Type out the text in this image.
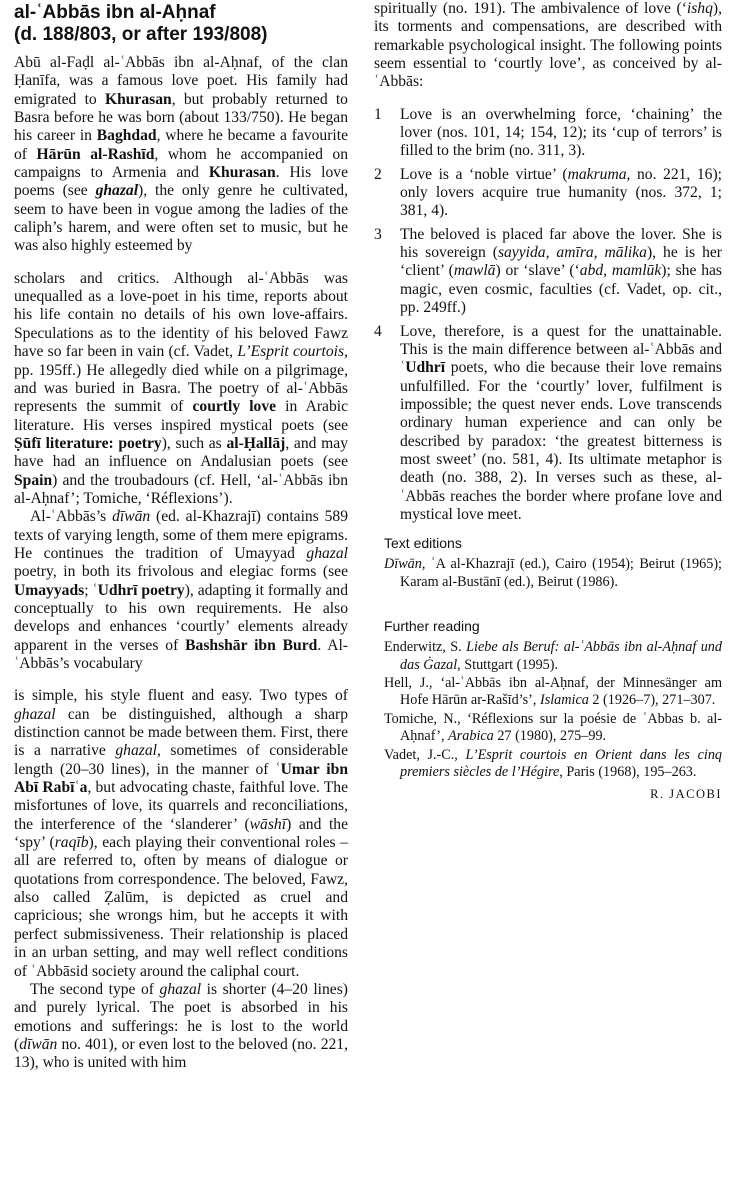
al-ʿAbbās ibn al-Aḥnaf
(d. 188/803, or after 193/808)

Abū al-Faḍl al-ʿAbbās ibn al-Aḥnaf, of the clan Ḥanīfa, was a famous love poet. His family had emigrated to Khurasan, but probably returned to Basra before he was born (about 133/750). He began his career in Baghdad, where he became a favourite of Hārūn al-Rashīd, whom he accompanied on campaigns to Armenia and Khurasan. His love poems (see ghazal), the only genre he cultivated, seem to have been in vogue among the ladies of the caliph’s harem, and were often set to music, but he was also highly esteemed by

scholars and critics. Although al-ʿAbbās was unequalled as a love-poet in his time, reports about his life contain no details of his own love-affairs. Speculations as to the identity of his beloved Fawz have so far been in vain (cf. Vadet, L’Esprit courtois, pp. 195ff.) He allegedly died while on a pilgrimage, and was buried in Basra. The poetry of al-ʿAbbās represents the summit of courtly love in Arabic literature. His verses inspired mystical poets (see Ṣūfī literature: poetry), such as al-Ḥallāj, and may have had an influence on Andalusian poets (see Spain) and the troubadours (cf. Hell, ‘al-ʿAbbās ibn al-Aḥnaf’; Tomiche, ‘Réflexions’).

Al-ʿAbbās’s dīwān (ed. al-Khazrajī) contains 589 texts of varying length, some of them mere epigrams. He continues the tradition of Umayyad ghazal poetry, in both its frivolous and elegiac forms (see Umayyads; ʿUdhrī poetry), adapting it formally and conceptually to his own requirements. He also develops and enhances ‘courtly’ elements already apparent in the verses of Bashshār ibn Burd. Al-ʿAbbās’s vocabulary

is simple, his style fluent and easy. Two types of ghazal can be distinguished, although a sharp distinction cannot be made between them. First, there is a narrative ghazal, sometimes of considerable length (20–30 lines), in the manner of ʿUmar ibn Abī Rabīʿa, but advocating chaste, faithful love. The misfortunes of love, its quarrels and reconciliations, the interference of the ‘slanderer’ (wāshī) and the ‘spy’ (raqīb), each playing their conventional roles – all are referred to, often by means of dialogue or quotations from correspondence. The beloved, Fawz, also called Ẓalūm, is depicted as cruel and capricious; she wrongs him, but he accepts it with perfect submissiveness. Their relationship is placed in an urban setting, and may well reflect conditions of ʿAbbāsid society around the caliphal court.

The second type of ghazal is shorter (4–20 lines) and purely lyrical. The poet is absorbed in his emotions and sufferings: he is lost to the world (dīwān no. 401), or even lost to the beloved (no. 221, 13), who is united with him

spiritually (no. 191). The ambivalence of love (‘ishq), its torments and compensations, are described with remarkable psychological insight. The following points seem essential to ‘courtly love’, as conceived by al-ʿAbbās:

1	Love is an overwhelming force, ‘chaining’ the lover (nos. 101, 14; 154, 12); its ‘cup of terrors’ is filled to the brim (no. 311, 3).
2	Love is a ‘noble virtue’ (makruma, no. 221, 16); only lovers acquire true humanity (nos. 372, 1; 381, 4).
3	The beloved is placed far above the lover. She is his sovereign (sayyida, amīra, mālika), he is her ‘client’ (mawlā) or ‘slave’ (‘abd, mamlūk); she has magic, even cosmic, faculties (cf. Vadet, op. cit., pp. 249ff.)
4	Love, therefore, is a quest for the unattainable. This is the main difference between al-ʿAbbās and ʿUdhrī poets, who die because their love remains unfulfilled. For the ‘courtly’ lover, fulfilment is impossible; the quest never ends. Love transcends ordinary human experience and can only be described by paradox: ‘the greatest bitterness is most sweet’ (no. 581, 4). Its ultimate metaphor is death (no. 388, 2). In verses such as these, al-ʿAbbās reaches the border where profane love and mystical love meet.
Text editions

Dīwān, ʿA al-Khazrajī (ed.), Cairo (1954); Beirut (1965); Karam al-Bustānī (ed.), Beirut (1986).

Further reading

Enderwitz, S. Liebe als Beruf: al-ʿAbbās ibn al-Aḥnaf und das Ġazal, Stuttgart (1995).

Hell, J., ‘al-ʿAbbās ibn al-Aḥnaf, der Minnesänger am Hofe Hārūn ar-Rašīd’s’, Islamica 2 (1926–7), 271–307.

Tomiche, N., ‘Réflexions sur la poésie de ʿAbbas b. al-Aḥnaf’, Arabica 27 (1980), 275–99.

Vadet, J.-C., L’Esprit courtois en Orient dans les cinq premiers siècles de l’Hégire, Paris (1968), 195–263.

R. JACOBI
